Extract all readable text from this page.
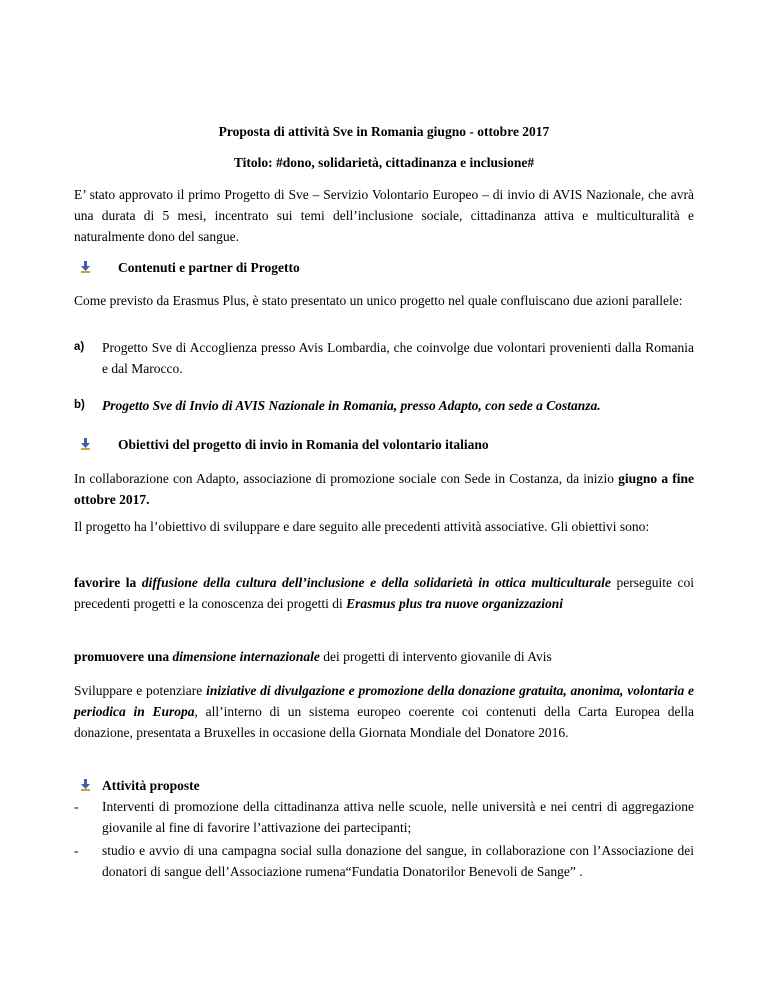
Proposta di attività Sve in Romania giugno - ottobre 2017
Titolo: #dono, solidarietà, cittadinanza e inclusione#
E’ stato approvato il primo Progetto di Sve – Servizio Volontario Europeo – di invio di AVIS Nazionale, che avrà una durata di 5 mesi, incentrato sui temi dell’inclusione sociale, cittadinanza attiva e multiculturalità e naturalmente dono del sangue.
Contenuti e partner di Progetto
Come previsto da Erasmus Plus, è stato presentato un unico progetto nel quale confluiscano due azioni parallele:
a) Progetto Sve di Accoglienza presso Avis Lombardia, che coinvolge due volontari provenienti dalla Romania e dal Marocco.
b) Progetto Sve di Invio di AVIS Nazionale in Romania, presso Adapto, con sede a Costanza.
Obiettivi del progetto di invio in Romania del volontario italiano
In collaborazione con Adapto, associazione di promozione sociale con Sede in Costanza, da inizio giugno a fine ottobre 2017.
Il progetto ha l’obiettivo di sviluppare e dare seguito alle precedenti attività associative. Gli obiettivi sono:
favorire la diffusione della cultura dell’inclusione e della solidarietà in ottica multiculturale perseguite coi precedenti progetti e la conoscenza dei progetti di Erasmus plus tra nuove organizzazioni
promuovere una dimensione internazionale dei progetti di intervento giovanile di Avis
Sviluppare e potenziare iniziative di divulgazione e promozione della donazione gratuita, anonima, volontaria e periodica in Europa, all’interno di un sistema europeo coerente coi contenuti della Carta Europea della donazione, presentata a Bruxelles in occasione della Giornata Mondiale del Donatore 2016.
Attività proposte
- Interventi di promozione della cittadinanza attiva nelle scuole, nelle università e nei centri di aggregazione giovanile al fine di favorire l’attivazione dei partecipanti;
- studio e avvio di una campagna social sulla donazione del sangue, in collaborazione con l’Associazione dei donatori di sangue dell’Associazione rumena“Fundatia Donatorilor Benevoli de Sange” .
